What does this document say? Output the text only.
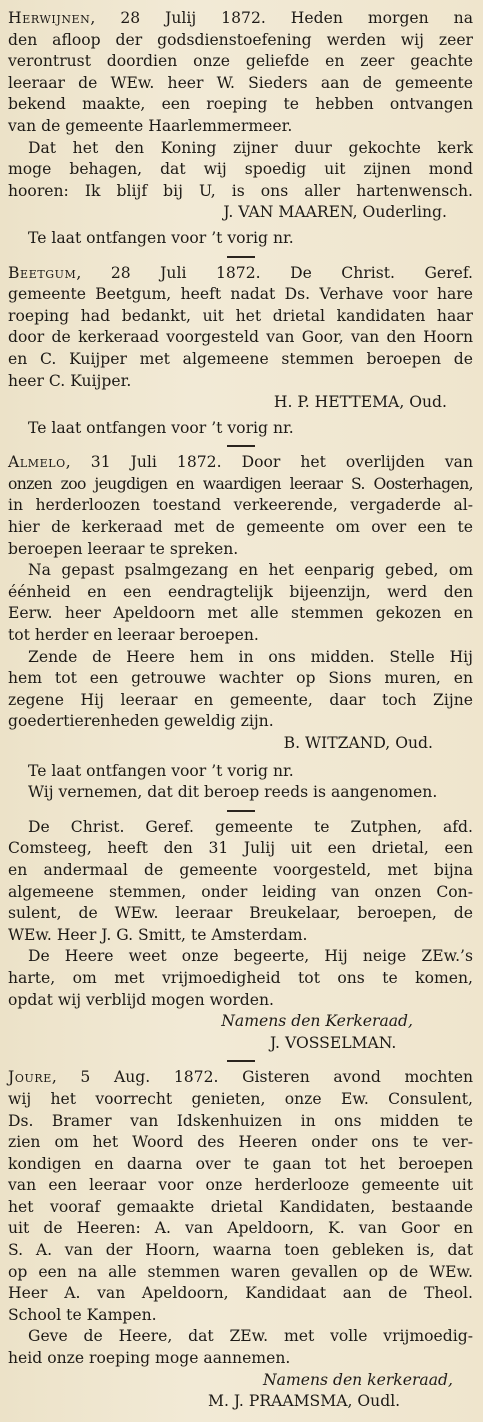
Herwijnen, 28 Julij 1872. Heden morgen na

den afloop der godsdienstoefening werden wij zeer

verontrust doordien onze geliefde en zeer geachte

leeraar de WEw. heer W. Sieders aan de gemeente

bekend maakte, een roeping te hebben ontvangen

van de gemeente Haarlemmermeer.

Dat het den Koning zijner duur gekochte kerk

moge behagen, dat wij spoedig uit zijnen mond

hooren: Ik blijf bij U, is ons aller hartenwensch.

J. VAN MAAREN, Ouderling.

Te laat ontfangen voor ’t vorig nr.

Beetgum, 28 Juli 1872. De Christ. Geref.

gemeente Beetgum, heeft nadat Ds. Verhave voor hare

roeping had bedankt, uit het drietal kandidaten haar

door de kerkeraad voorgesteld van Goor, van den Hoorn

en C. Kuijper met algemeene stemmen beroepen de

heer C. Kuijper.

H. P. HETTEMA, Oud.

Te laat ontfangen voor ’t vorig nr.

Almelo, 31 Juli 1872. Door het overlijden van

onzen zoo jeugdigen en waardigen leeraar S. Oosterhagen,

in herderloozen toestand verkeerende, vergaderde al-

hier de kerkeraad met de gemeente om over een te

beroepen leeraar te spreken.

Na gepast psalmgezang en het eenparig gebed, om

éénheid en een eendragtelijk bijeenzijn, werd den

Eerw. heer Apeldoorn met alle stemmen gekozen en

tot herder en leeraar beroepen.

Zende de Heere hem in ons midden. Stelle Hij

hem tot een getrouwe wachter op Sions muren, en

zegene Hij leeraar en gemeente, daar toch Zijne

goedertierenheden geweldig zijn.

B. WITZAND, Oud.

Te laat ontfangen voor ’t vorig nr.

Wij vernemen, dat dit beroep reeds is aangenomen.

De Christ. Geref. gemeente te Zutphen, afd.

Comsteeg, heeft den 31 Julij uit een drietal, een

en andermaal de gemeente voorgesteld, met bijna

algemeene stemmen, onder leiding van onzen Con-

sulent, de WEw. leeraar Breukelaar, beroepen, de

WEw. Heer J. G. Smitt, te Amsterdam.

De Heere weet onze begeerte, Hij neige ZEw.’s

harte, om met vrijmoedigheid tot ons te komen,

opdat wij verblijd mogen worden.

Namens den Kerkeraad,

J. VOSSELMAN.

Joure, 5 Aug. 1872. Gisteren avond mochten

wij het voorrecht genieten, onze Ew. Consulent,

Ds. Bramer van Idskenhuizen in ons midden te

zien om het Woord des Heeren onder ons te ver-

kondigen en daarna over te gaan tot het beroepen

van een leeraar voor onze herderlooze gemeente uit

het vooraf gemaakte drietal Kandidaten, bestaande

uit de Heeren: A. van Apeldoorn, K. van Goor en

S. A. van der Hoorn, waarna toen gebleken is, dat

op een na alle stemmen waren gevallen op de WEw.

Heer A. van Apeldoorn, Kandidaat aan de Theol.

School te Kampen.

Geve de Heere, dat ZEw. met volle vrijmoedig-

heid onze roeping moge aannemen.

Namens den kerkeraad,

M. J. PRAAMSMA, Oudl.
